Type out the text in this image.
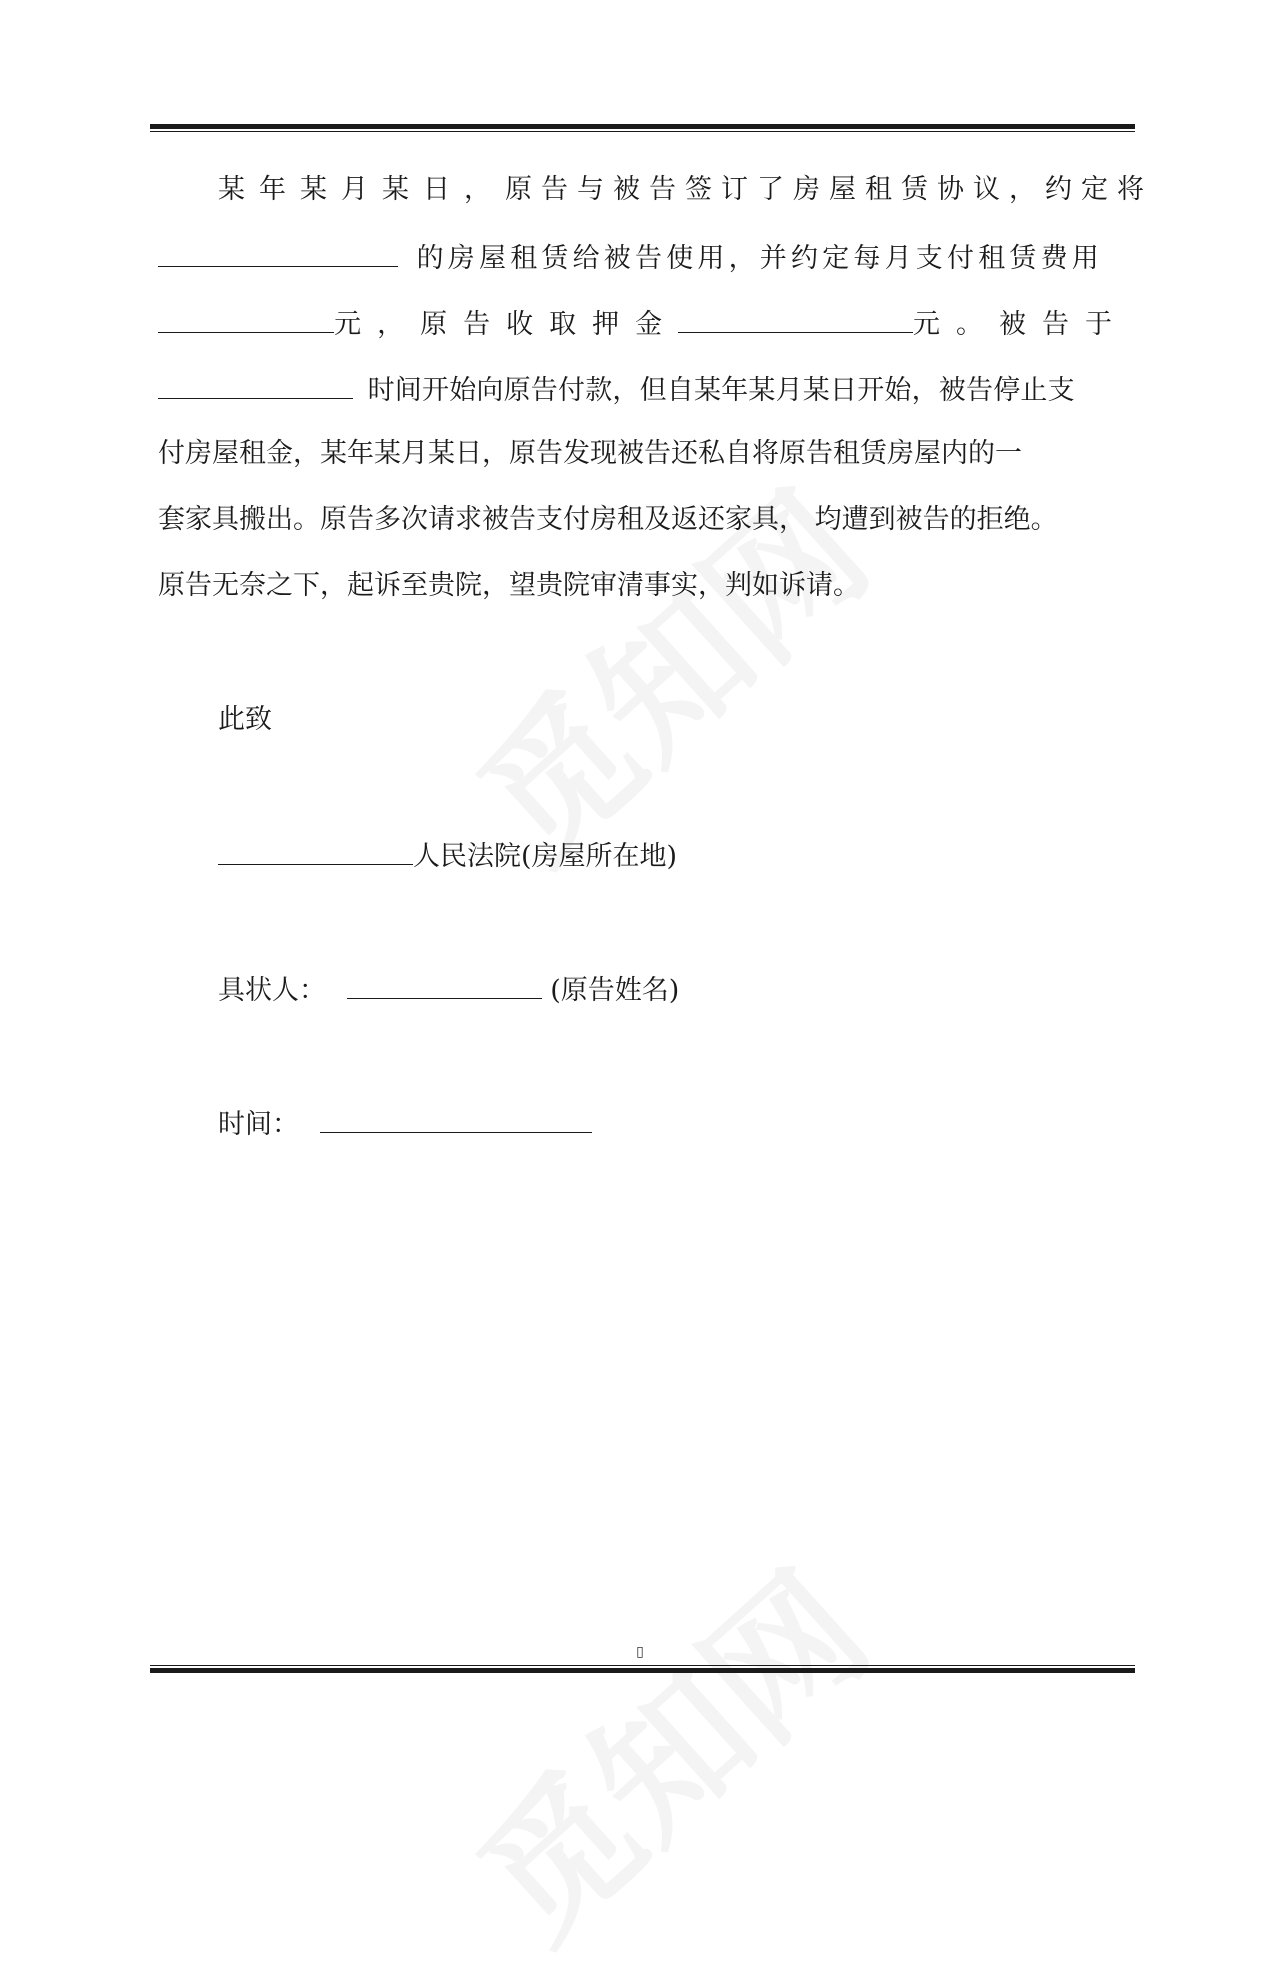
某年某月某日， 原告与被告签订了房屋租赁协议， 约定将
的房屋租赁给被告使用，并约定每月支付租赁费用
元， 原告收取押金	元。被告于
时间开始向原告付款，但自某年某月某日开始，被告停止支
付房屋租金，某年某月某日，原告发现被告还私自将原告租赁房屋内的一
套家具搬出。原告多次请求被告支付房租及返还家具， 均遭到被告的拒绝。
原告无奈之下，起诉至贵院，望贵院审清事实，判如诉请。
此致
人民法院(房屋所在地)
具状人：	(原告姓名)
时间：
▯
